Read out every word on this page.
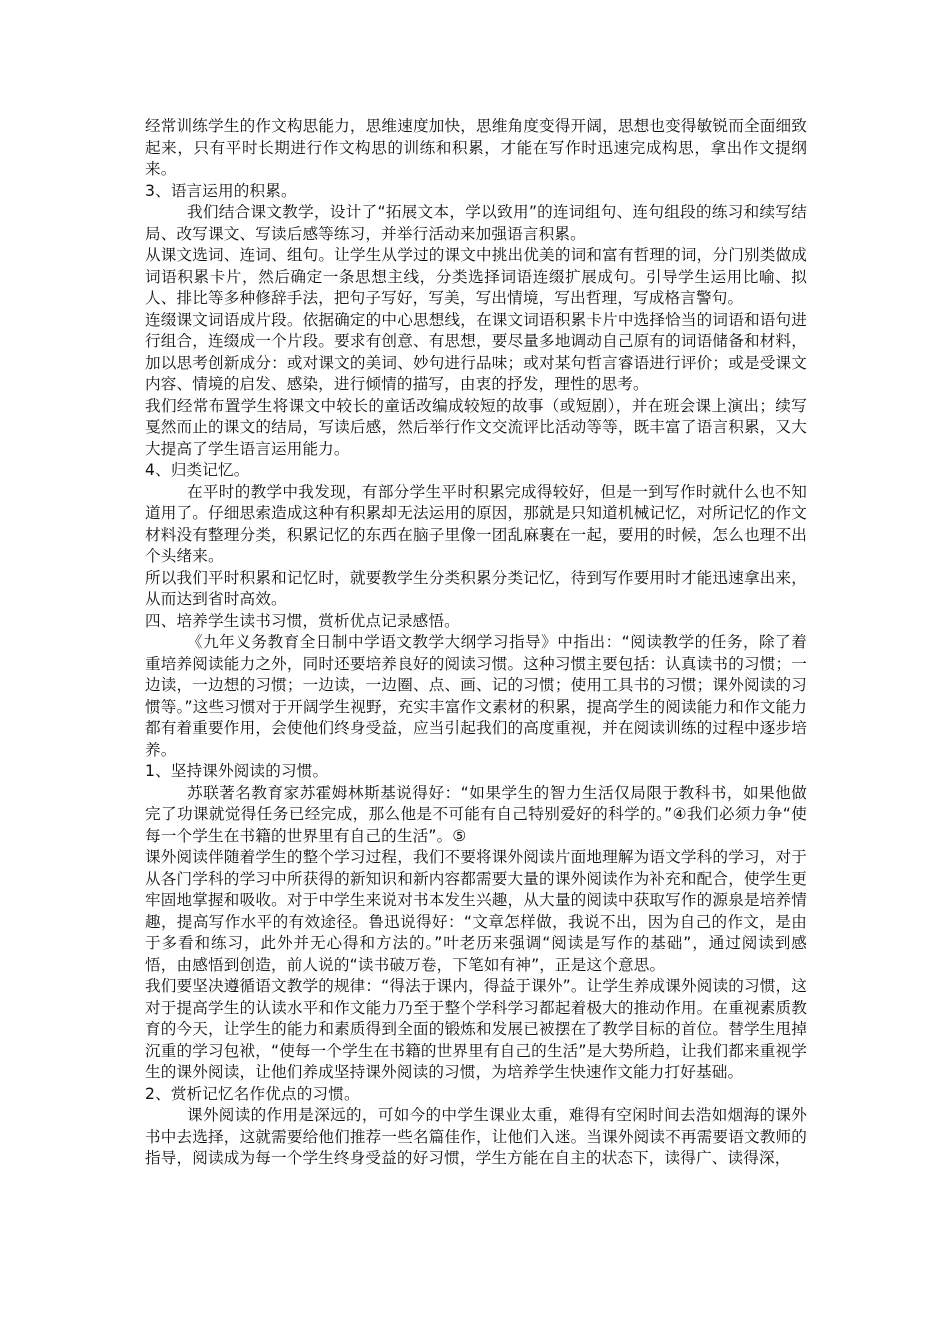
经常训练学生的作文构思能力，思维速度加快，思维角度变得开阔，思想也变得敏锐而全面细致起来，只有平时长期进行作文构思的训练和积累，才能在写作时迅速完成构思，拿出作文提纲来。

3、语言运用的积累。

我们结合课文教学，设计了“拓展文本，学以致用”的连词组句、连句组段的练习和续写结局、改写课文、写读后感等练习，并举行活动来加强语言积累。

从课文选词、连词、组句。让学生从学过的课文中挑出优美的词和富有哲理的词，分门别类做成词语积累卡片，然后确定一条思想主线，分类选择词语连缀扩展成句。引导学生运用比喻、拟人、排比等多种修辞手法，把句子写好，写美，写出情境，写出哲理，写成格言警句。

连缀课文词语成片段。依据确定的中心思想线，在课文词语积累卡片中选择恰当的词语和语句进行组合，连缀成一个片段。要求有创意、有思想，要尽量多地调动自己原有的词语储备和材料，加以思考创新成分：或对课文的美词、妙句进行品味；或对某句哲言睿语进行评价；或是受课文内容、情境的启发、感染，进行倾情的描写，由衷的抒发，理性的思考。

我们经常布置学生将课文中较长的童话改编成较短的故事（或短剧），并在班会课上演出；续写戛然而止的课文的结局，写读后感，然后举行作文交流评比活动等等，既丰富了语言积累，又大大提高了学生语言运用能力。

4、归类记忆。

在平时的教学中我发现，有部分学生平时积累完成得较好，但是一到写作时就什么也不知道用了。仔细思索造成这种有积累却无法运用的原因，那就是只知道机械记忆，对所记忆的作文材料没有整理分类，积累记忆的东西在脑子里像一团乱麻裹在一起，要用的时候，怎么也理不出个头绪来。

所以我们平时积累和记忆时，就要教学生分类积累分类记忆，待到写作要用时才能迅速拿出来，从而达到省时高效。

四、培养学生读书习惯，赏析优点记录感悟。

《九年义务教育全日制中学语文教学大纲学习指导》中指出：“阅读教学的任务，除了着重培养阅读能力之外，同时还要培养良好的阅读习惯。这种习惯主要包括：认真读书的习惯；一边读，一边想的习惯；一边读，一边圈、点、画、记的习惯；使用工具书的习惯；课外阅读的习惯等。”这些习惯对于开阔学生视野，充实丰富作文素材的积累，提高学生的阅读能力和作文能力都有着重要作用，会使他们终身受益，应当引起我们的高度重视，并在阅读训练的过程中逐步培养。

1、坚持课外阅读的习惯。

苏联著名教育家苏霍姆林斯基说得好：“如果学生的智力生活仅局限于教科书，如果他做完了功课就觉得任务已经完成，那么他是不可能有自己特别爱好的科学的。”④我们必须力争“使每一个学生在书籍的世界里有自己的生活”。⑤

课外阅读伴随着学生的整个学习过程，我们不要将课外阅读片面地理解为语文学科的学习，对于从各门学科的学习中所获得的新知识和新内容都需要大量的课外阅读作为补充和配合，使学生更牢固地掌握和吸收。对于中学生来说对书本发生兴趣，从大量的阅读中获取写作的源泉是培养情趣，提高写作水平的有效途径。鲁迅说得好：“文章怎样做，我说不出，因为自己的作文，是由于多看和练习，此外并无心得和方法的。”叶老历来强调“阅读是写作的基础”，通过阅读到感悟，由感悟到创造，前人说的“读书破万卷，下笔如有神”，正是这个意思。

我们要坚决遵循语文教学的规律：“得法于课内，得益于课外”。让学生养成课外阅读的习惯，这对于提高学生的认读水平和作文能力乃至于整个学科学习都起着极大的推动作用。在重视素质教育的今天，让学生的能力和素质得到全面的锻炼和发展已被摆在了教学目标的首位。替学生甩掉沉重的学习包袱，“使每一个学生在书籍的世界里有自己的生活”是大势所趋，让我们都来重视学生的课外阅读，让他们养成坚持课外阅读的习惯，为培养学生快速作文能力打好基础。

2、赏析记忆名作优点的习惯。

课外阅读的作用是深远的，可如今的中学生课业太重，难得有空闲时间去浩如烟海的课外书中去选择，这就需要给他们推荐一些名篇佳作，让他们入迷。当课外阅读不再需要语文教师的指导，阅读成为每一个学生终身受益的好习惯，学生方能在自主的状态下，读得广、读得深，
